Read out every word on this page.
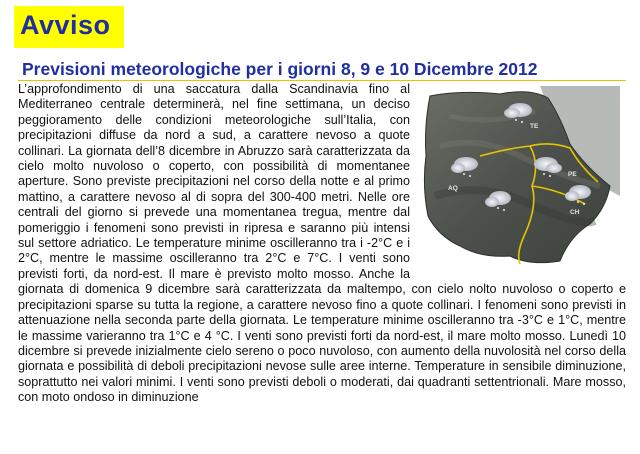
Avviso
Previsioni meteorologiche per i giorni 8, 9 e 10 Dicembre 2012
TE
PE
AQ
CH
L’approfondimento di una saccatura dalla Scandinavia fino al Mediterraneo centrale determinerà, nel fine settimana, un deciso peggioramento delle condizioni meteorologiche sull’Italia, con precipitazioni diffuse da nord a sud, a carattere nevoso a quote collinari. La giornata dell’8 dicembre in Abruzzo sarà caratterizzata da cielo molto nuvoloso o coperto, con possibilità di momentanee aperture. Sono previste precipitazioni nel corso della notte e al primo mattino, a carattere nevoso al di sopra del 300-400 metri. Nelle ore centrali del giorno si prevede una momentanea tregua, mentre dal pomeriggio i fenomeni sono previsti in ripresa e saranno più intensi sul settore adriatico. Le temperature minime oscilleranno tra i -2°C e i 2°C, mentre le massime oscilleranno tra 2°C e 7°C. I venti sono previsti forti, da nord-est. Il mare è previsto molto mosso. Anche la giornata di domenica 9 dicembre sarà caratterizzata da maltempo, con cielo nolto nuvoloso o coperto e precipitazioni sparse su tutta la regione, a carattere nevoso fino a quote collinari. I fenomeni sono previsti in attenuazione nella seconda parte della giornata. Le temperature minime oscilleranno tra -3°C e 1°C, mentre le massime varieranno tra 1°C e 4 °C. I venti sono previsti forti da nord-est, il mare molto mosso. Lunedì 10 dicembre si prevede inizialmente cielo sereno o poco nuvoloso, con aumento della nuvolosità nel corso della giornata e possibilità di deboli precipitazioni nevose sulle aree interne. Temperature in sensibile diminuzione, soprattutto nei valori minimi. I venti sono previsti deboli o moderati, dai quadranti settentrionali. Mare mosso, con moto ondoso in diminuzione
